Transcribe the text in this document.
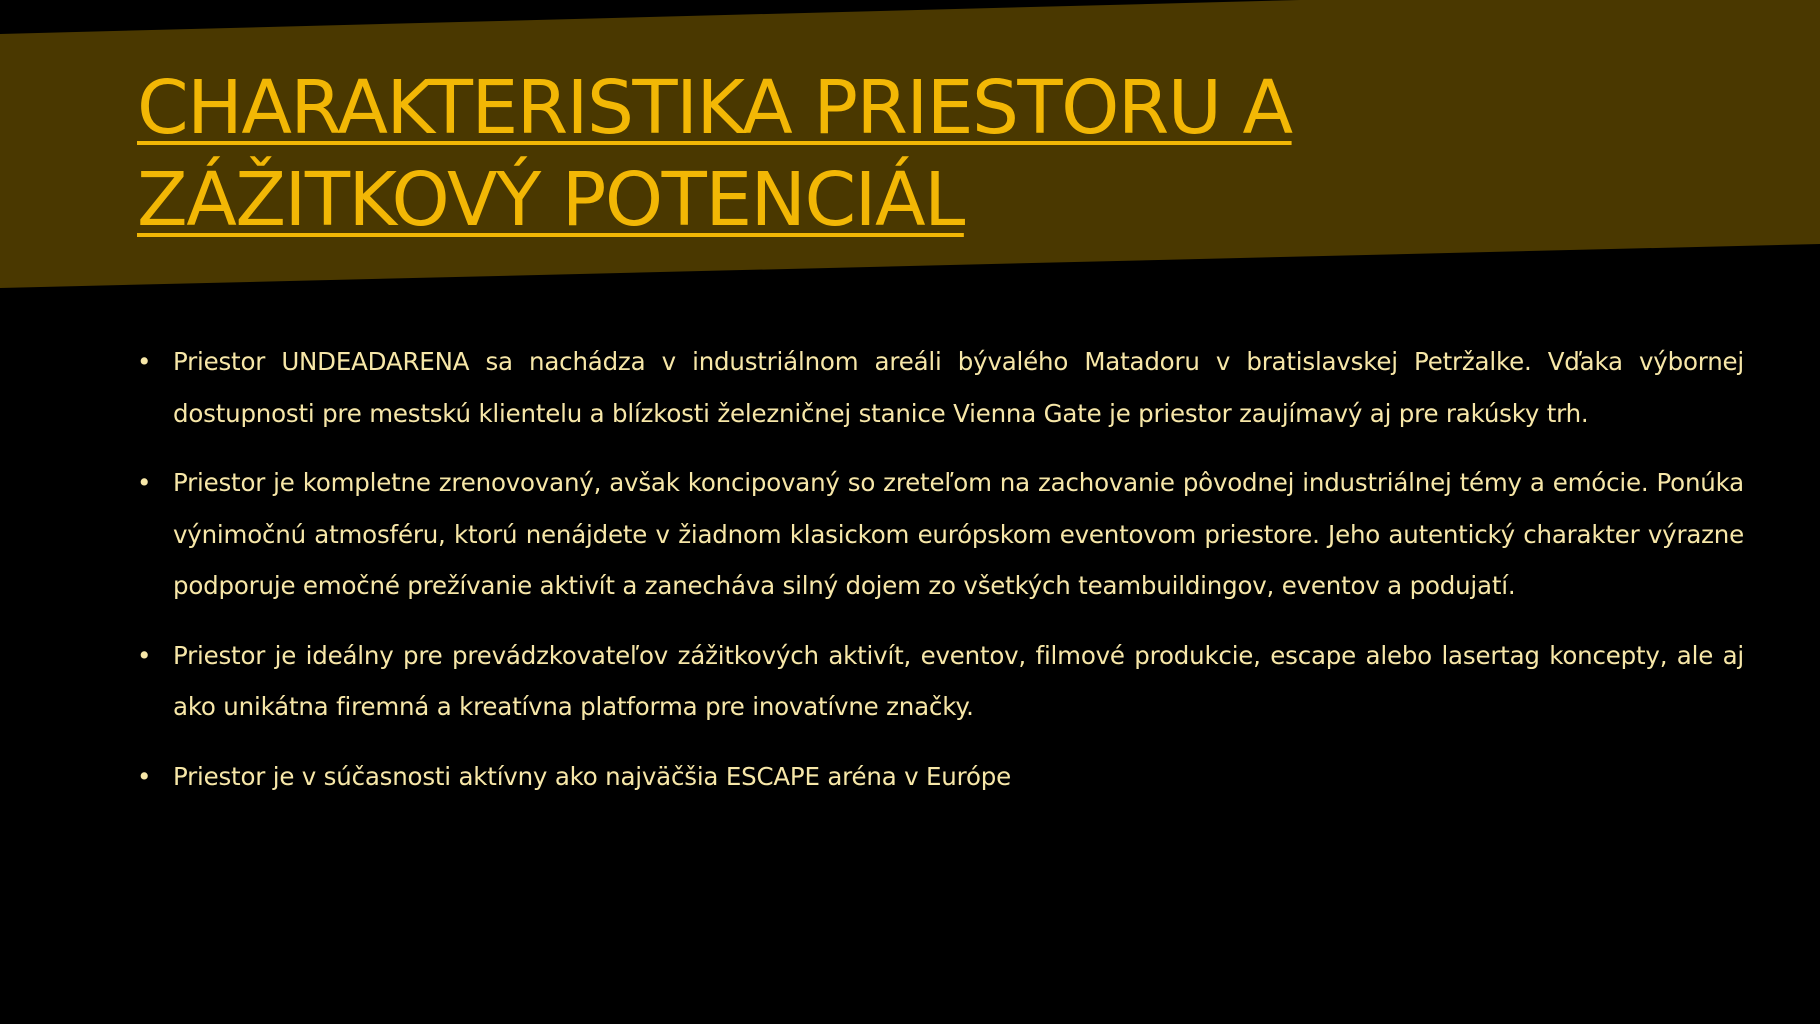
CHARAKTERISTIKA PRIESTORU A
ZÁŽITKOVÝ POTENCIÁL
• Priestor UNDEADARENA sa nachádza v industriálnom areáli bývalého Matadoru v bratislavskej Petržalke. Vďaka výbornej dostupnosti pre mestskú klientelu a blízkosti železničnej stanice Vienna Gate je priestor zaujímavý aj pre rakúsky trh.
• Priestor je kompletne zrenovovaný, avšak koncipovaný so zreteľom na zachovanie pôvodnej industriálnej témy a emócie. Ponúka výnimočnú atmosféru, ktorú nenájdete v žiadnom klasickom európskom eventovom priestore. Jeho autentický charakter výrazne podporuje emočné prežívanie aktivít a zanecháva silný dojem zo všetkých teambuildingov, eventov a podujatí.
• Priestor je ideálny pre prevádzkovateľov zážitkových aktivít, eventov, filmové produkcie, escape alebo lasertag koncepty, ale aj ako unikátna firemná a kreatívna platforma pre inovatívne značky.
• Priestor je v súčasnosti aktívny ako najväčšia ESCAPE aréna v Európe
